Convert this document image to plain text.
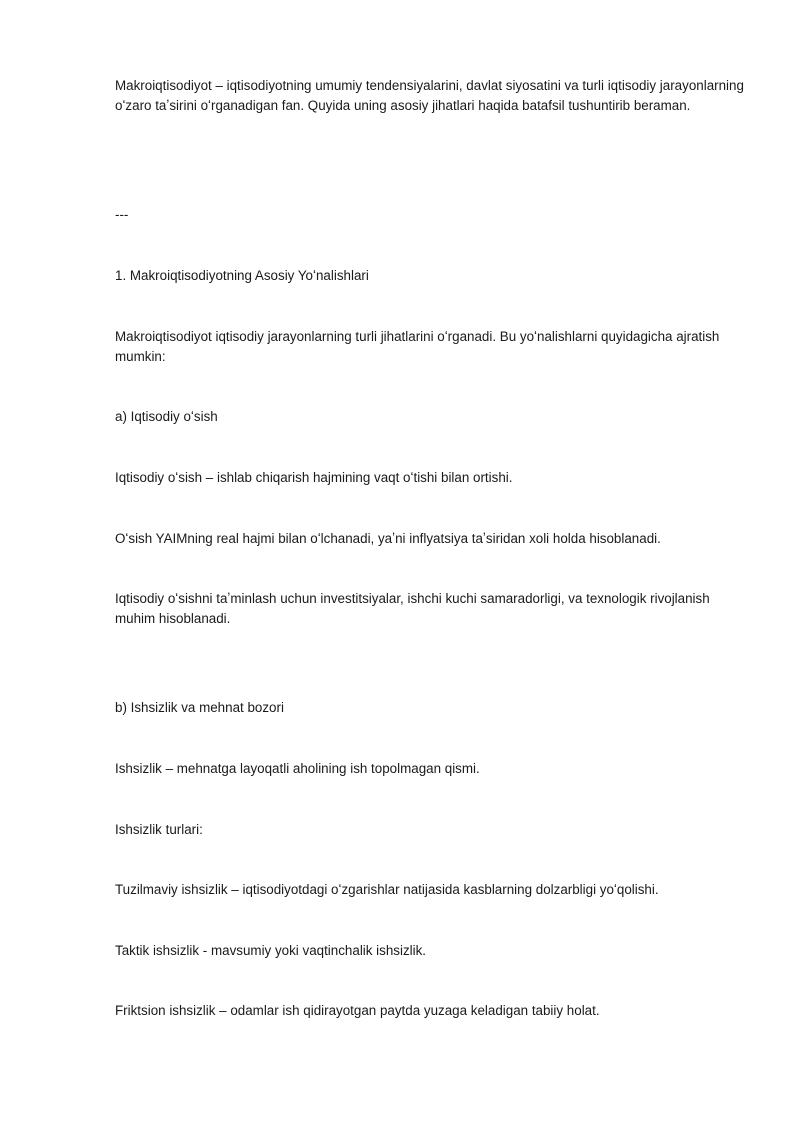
Makroiqtisodiyot – iqtisodiyotning umumiy tendensiyalarini, davlat siyosatini va turli iqtisodiy jarayonlarning oʻzaro taʼsirini oʻrganadigan fan. Quyida uning asosiy jihatlari haqida batafsil tushuntirib beraman.

---

1. Makroiqtisodiyotning Asosiy Yoʻnalishlari

Makroiqtisodiyot iqtisodiy jarayonlarning turli jihatlarini oʻrganadi. Bu yoʻnalishlarni quyidagicha ajratish mumkin:

a) Iqtisodiy oʻsish

Iqtisodiy oʻsish – ishlab chiqarish hajmining vaqt oʻtishi bilan ortishi.

Oʻsish YAIMning real hajmi bilan oʻlchanadi, yaʼni inflyatsiya taʼsiridan xoli holda hisoblanadi.

Iqtisodiy oʻsishni taʼminlash uchun investitsiyalar, ishchi kuchi samaradorligi, va texnologik rivojlanish muhim hisoblanadi.

b) Ishsizlik va mehnat bozori

Ishsizlik – mehnatga layoqatli aholining ish topolmagan qismi.

Ishsizlik turlari:

Tuzilmaviy ishsizlik – iqtisodiyotdagi oʻzgarishlar natijasida kasblarning dolzarbligi yoʻqolishi.

Taktik ishsizlik - mavsumiy yoki vaqtinchalik ishsizlik.

Friktsion ishsizlik – odamlar ish qidirayotgan paytda yuzaga keladigan tabiiy holat.
